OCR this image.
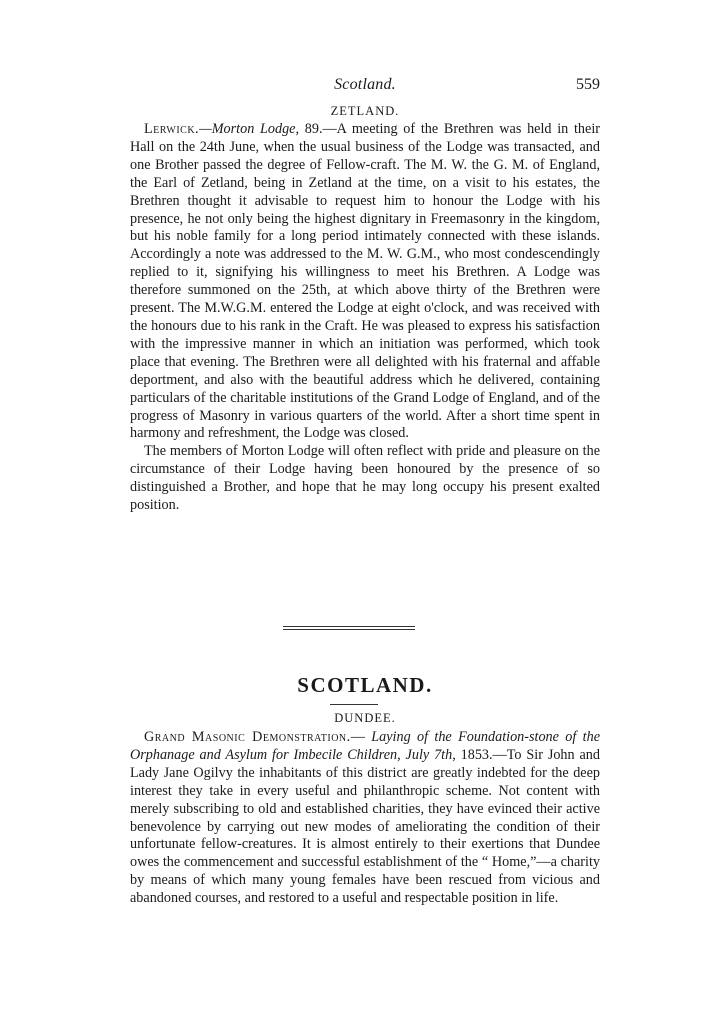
Scotland.	559

ZETLAND.

Lerwick.—Morton Lodge, 89.—A meeting of the Brethren was held in their Hall on the 24th June, when the usual business of the Lodge was transacted, and one Brother passed the degree of Fellow-craft. The M. W. the G. M. of England, the Earl of Zetland, being in Zetland at the time, on a visit to his estates, the Brethren thought it advisable to request him to honour the Lodge with his presence, he not only being the highest dignitary in Freemasonry in the kingdom, but his noble family for a long period intimately connected with these islands. Accordingly a note was addressed to the M. W. G.M., who most condescendingly replied to it, signifying his willingness to meet his Brethren. A Lodge was therefore summoned on the 25th, at which above thirty of the Brethren were present. The M.W.G.M. entered the Lodge at eight o'clock, and was received with the honours due to his rank in the Craft. He was pleased to express his satisfaction with the impressive manner in which an initiation was performed, which took place that evening. The Brethren were all delighted with his fraternal and affable deportment, and also with the beautiful address which he delivered, containing particulars of the charitable institutions of the Grand Lodge of England, and of the progress of Masonry in various quarters of the world. After a short time spent in harmony and refreshment, the Lodge was closed.

The members of Morton Lodge will often reflect with pride and pleasure on the circumstance of their Lodge having been honoured by the presence of so distinguished a Brother, and hope that he may long occupy his present exalted position.

SCOTLAND.

DUNDEE.

Grand Masonic Demonstration.— Laying of the Foundation-stone of the Orphanage and Asylum for Imbecile Children, July 7th, 1853.—To Sir John and Lady Jane Ogilvy the inhabitants of this district are greatly indebted for the deep interest they take in every useful and philanthropic scheme. Not content with merely subscribing to old and established charities, they have evinced their active benevolence by carrying out new modes of ameliorating the condition of their unfortunate fellow-creatures. It is almost entirely to their exertions that Dundee owes the commencement and successful establishment of the “ Home,”—a charity by means of which many young females have been rescued from vicious and abandoned courses, and restored to a useful and respectable position in life.
